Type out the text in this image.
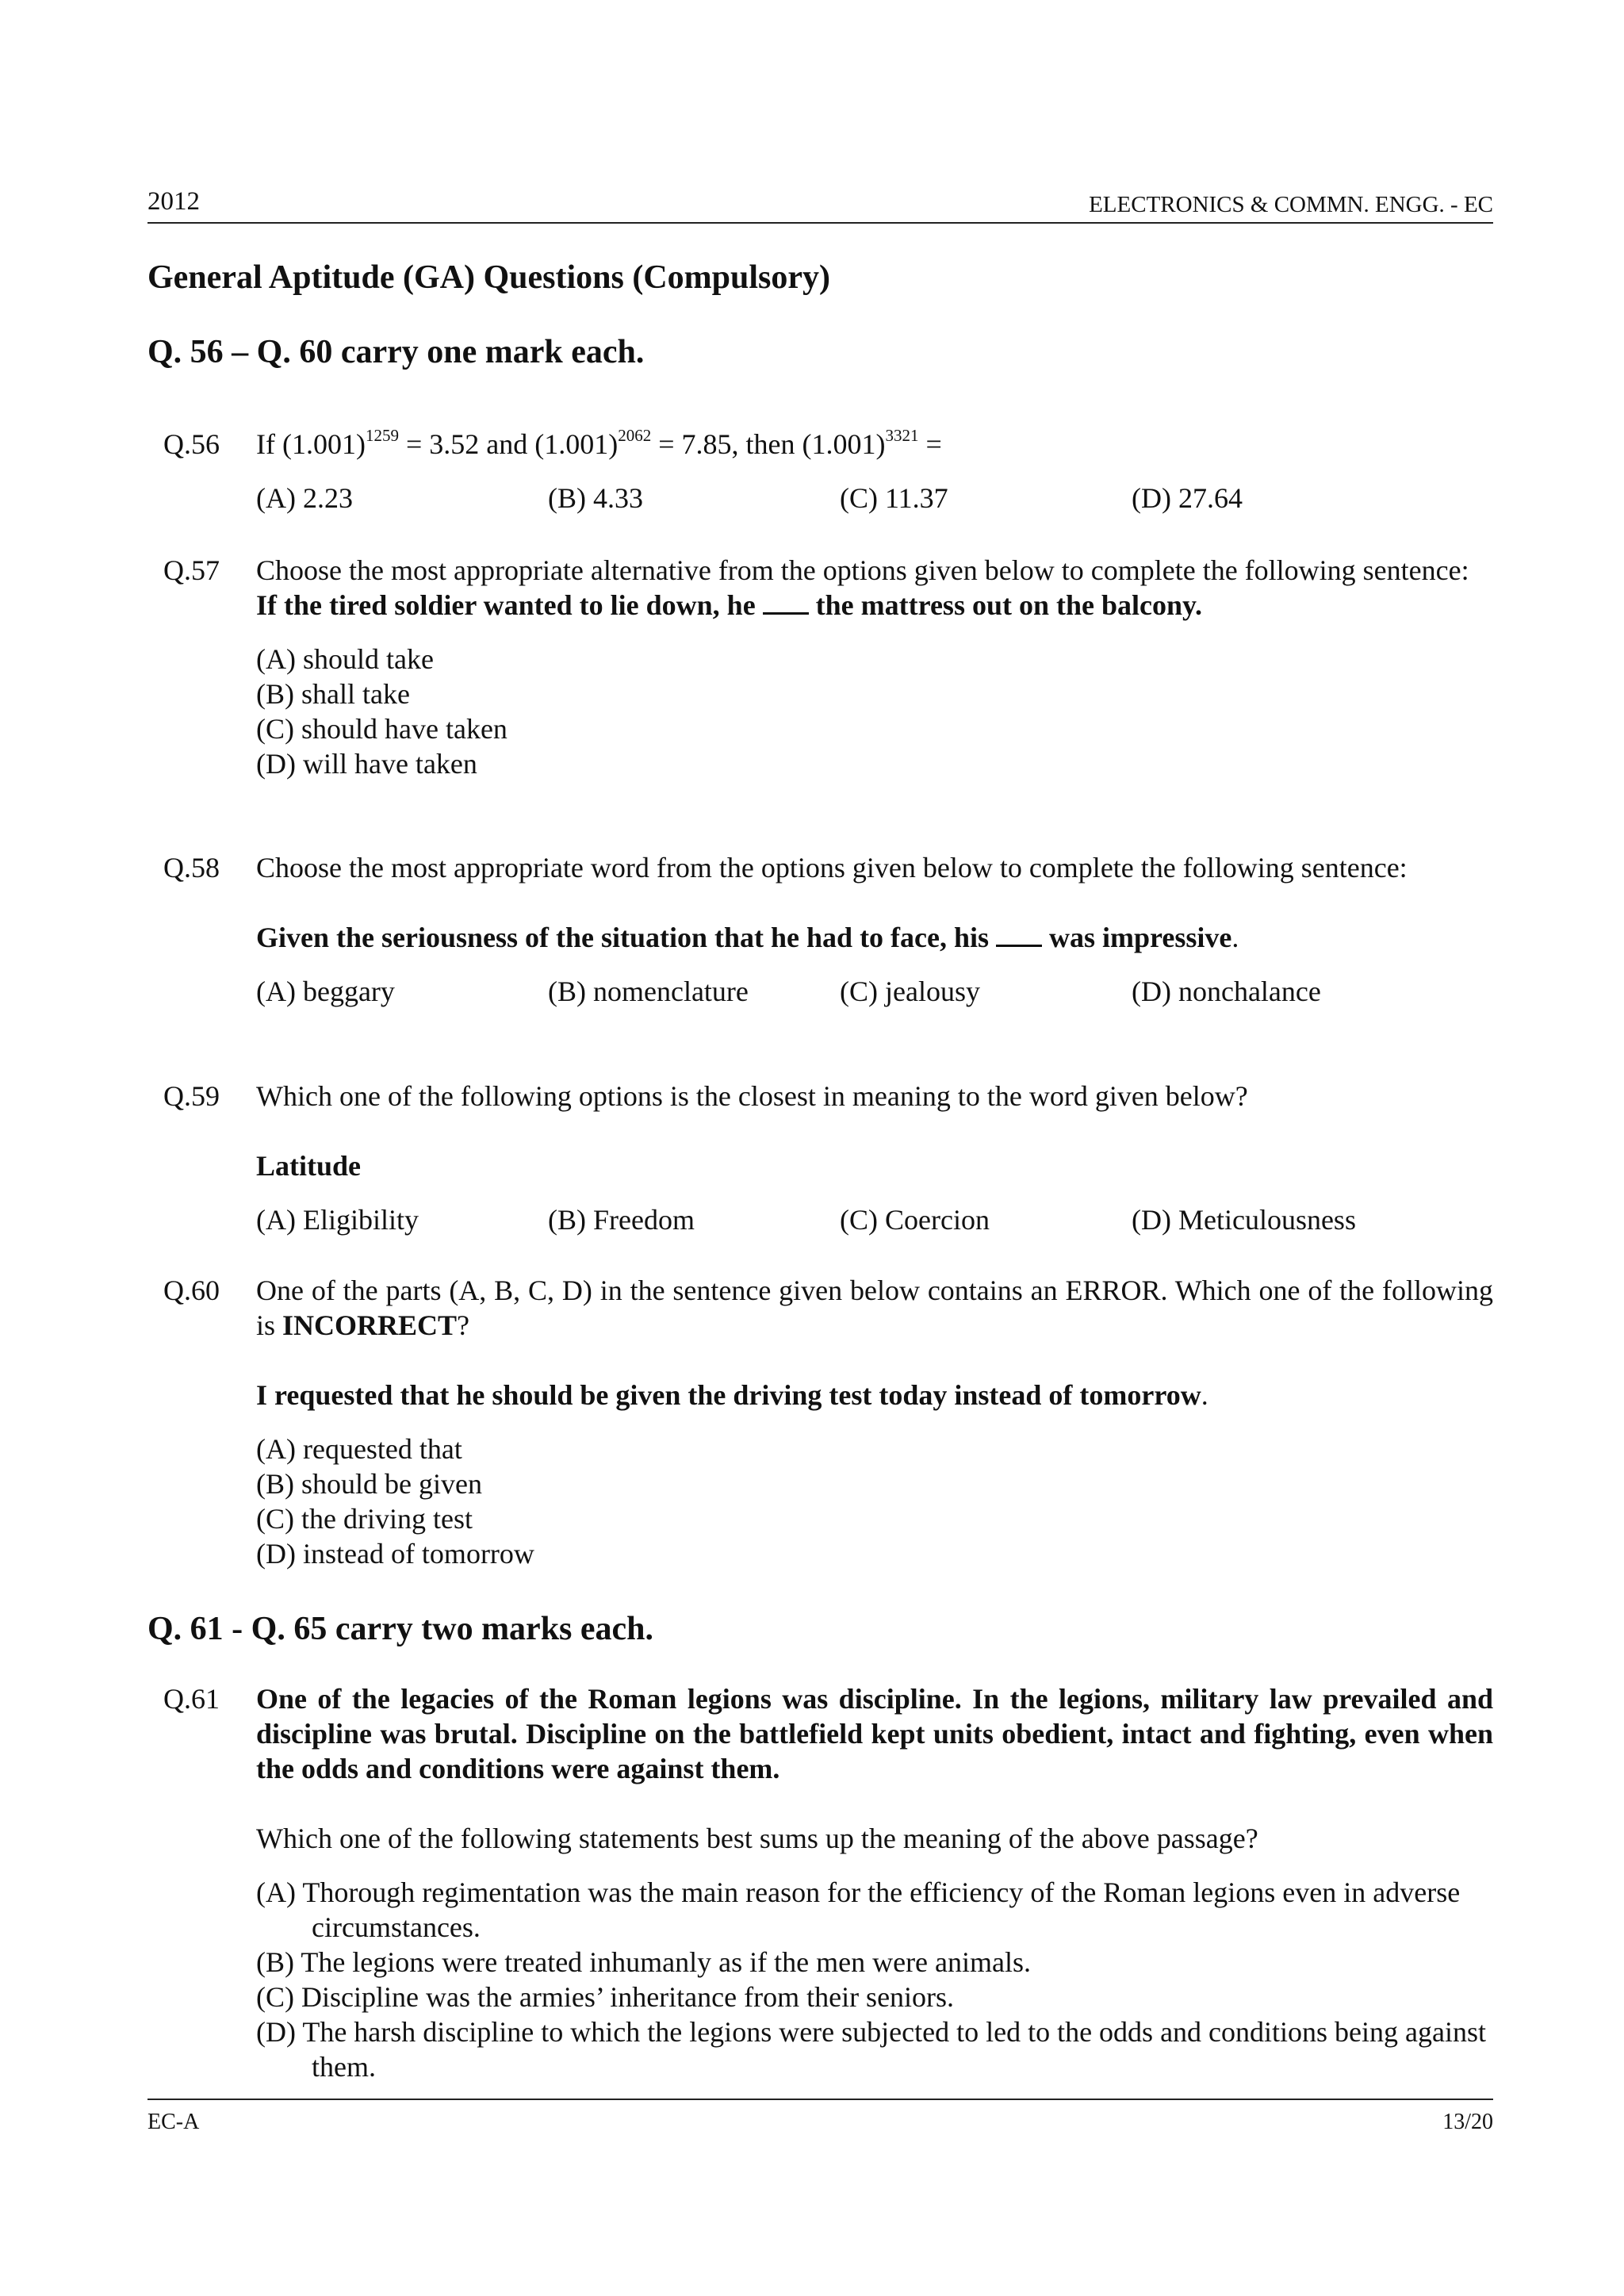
2012	ELECTRONICS & COMMN. ENGG. - EC
General Aptitude (GA) Questions (Compulsory)
Q. 56 – Q. 60 carry one mark each.
Q.56 If $(1.001)^{1259} = 3.52$ and $(1.001)^{2062} = 7.85$, then $(1.001)^{3321}$ =
(A) 2.23	(B) 4.33	(C) 11.37	(D) 27.64
Q.57 Choose the most appropriate alternative from the options given below to complete the following sentence:
If the tired soldier wanted to lie down, he the mattress out on the balcony.
(A) should take
(B) shall take
(C) should have taken
(D) will have taken
Q.58 Choose the most appropriate word from the options given below to complete the following sentence:
Given the seriousness of the situation that he had to face, his was impressive.
(A) beggary	(B) nomenclature	(C) jealousy	(D) nonchalance
Q.59 Which one of the following options is the closest in meaning to the word given below?
Latitude
(A) Eligibility	(B) Freedom	(C) Coercion	(D) Meticulousness
Q.60 One of the parts (A, B, C, D) in the sentence given below contains an ERROR. Which one of the following is INCORRECT?
I requested that he should be given the driving test today instead of tomorrow.
(A) requested that
(B) should be given
(C) the driving test
(D) instead of tomorrow
Q. 61 - Q. 65 carry two marks each.
Q.61 One of the legacies of the Roman legions was discipline. In the legions, military law prevailed and discipline was brutal. Discipline on the battlefield kept units obedient, intact and fighting, even when the odds and conditions were against them.
Which one of the following statements best sums up the meaning of the above passage?
(A) Thorough regimentation was the main reason for the efficiency of the Roman legions even in adverse circumstances.
(B) The legions were treated inhumanly as if the men were animals.
(C) Discipline was the armies’ inheritance from their seniors.
(D) The harsh discipline to which the legions were subjected to led to the odds and conditions being against them.
EC-A	13/20
